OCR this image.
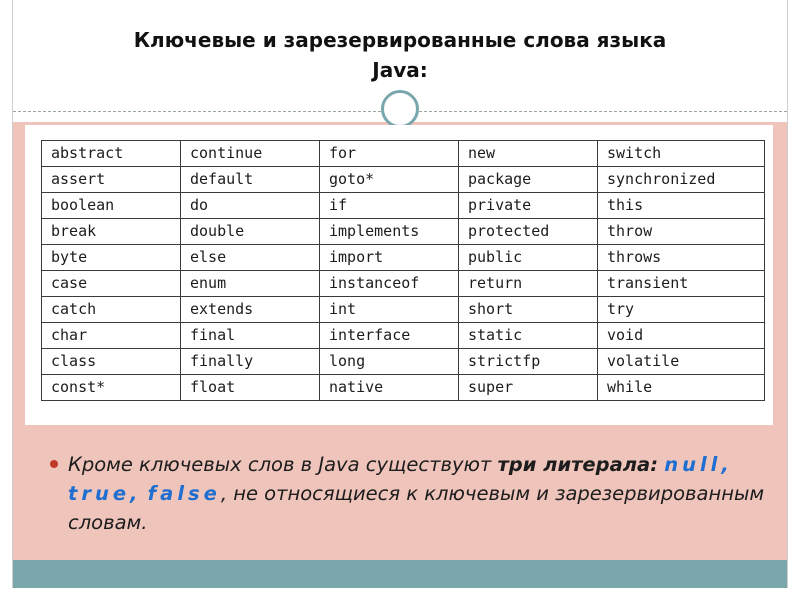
Ключевые и зарезервированные слова языка
Java:
abstract	continue	for	new	switch
assert	default	goto*	package	synchronized
boolean	do	if	private	this
break	double	implements	protected	throw
byte	else	import	public	throws
case	enum	instanceof	return	transient
catch	extends	int	short	try
char	final	interface	static	void
class	finally	long	strictfp	volatile
const*	float	native	super	while
Кроме ключевых слов в Java существуют три литерала: null, true, false, не относящиеся к ключевым и зарезервированным словам.
